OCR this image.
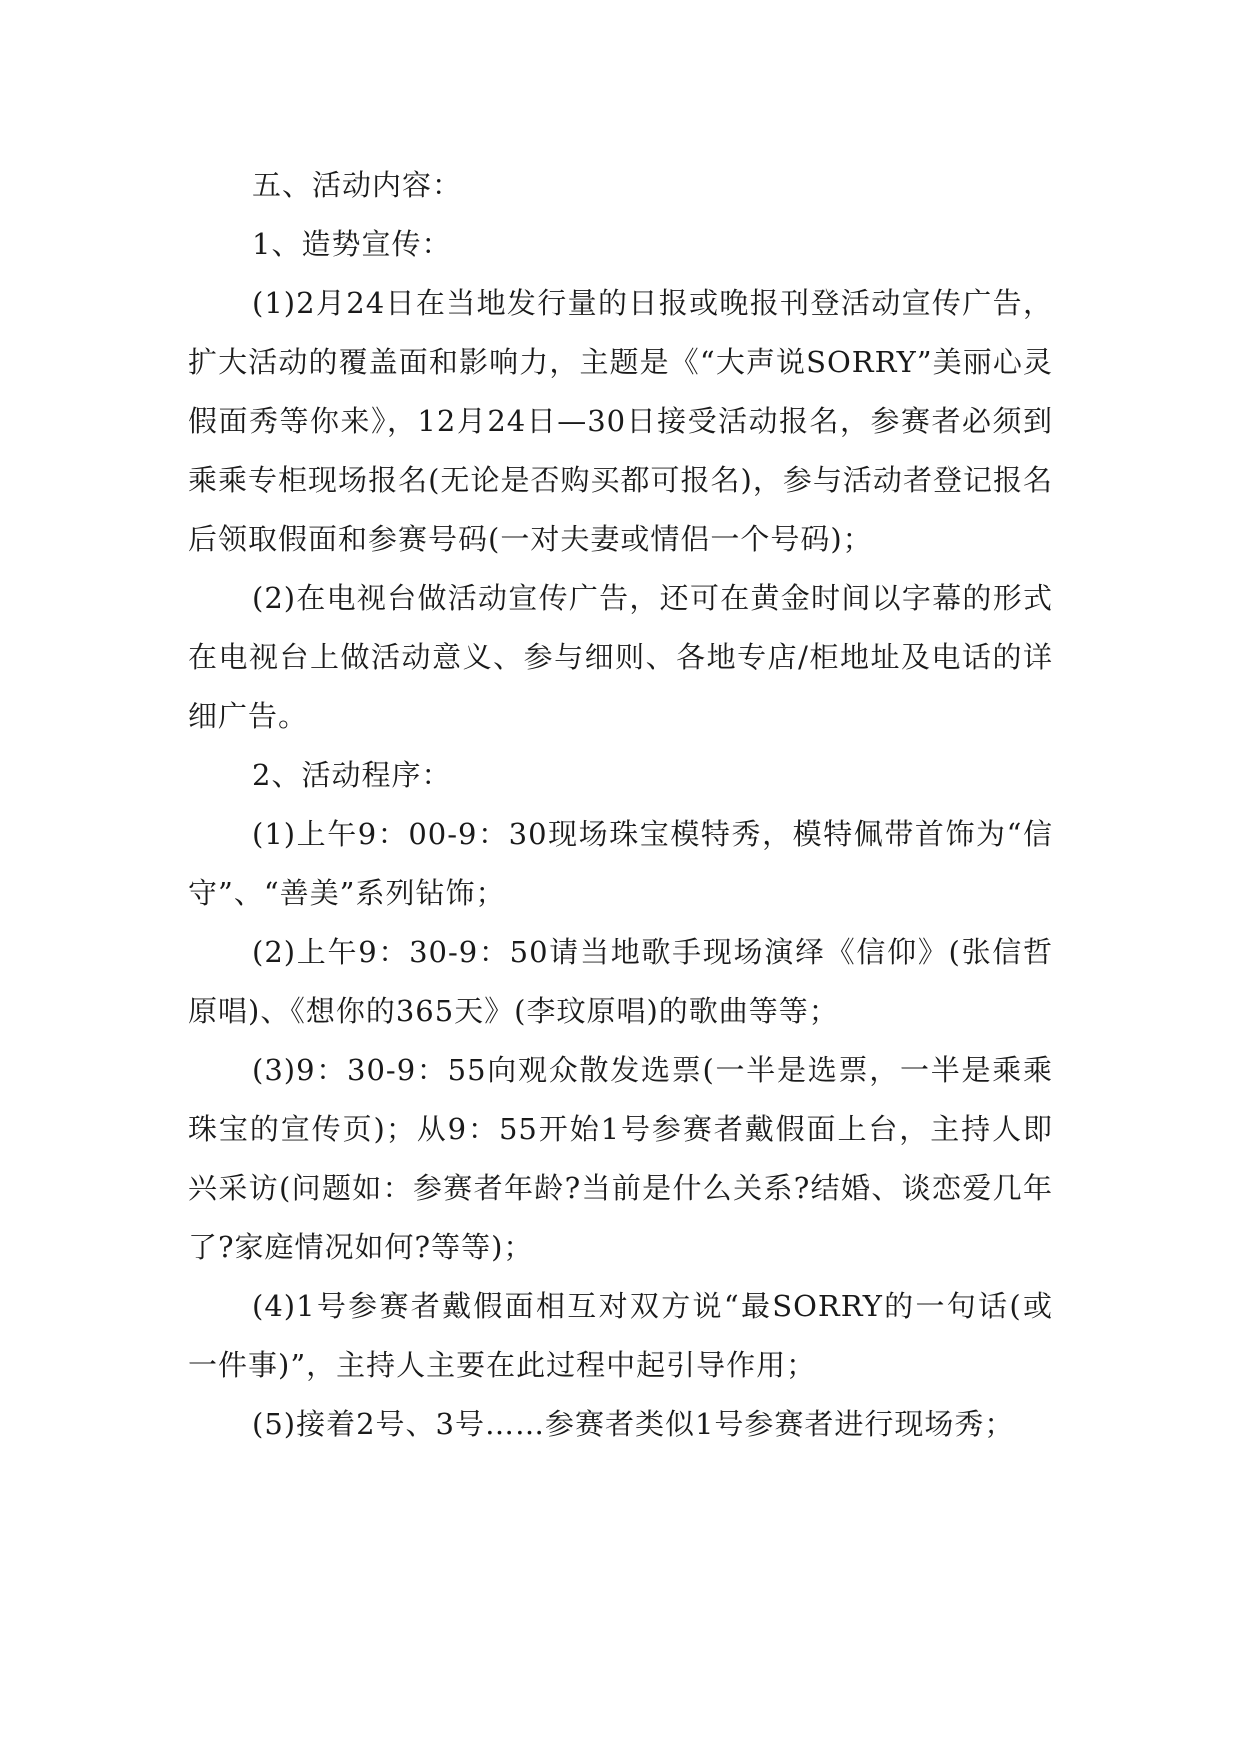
五、活动内容：

1、造势宣传：

(1)2月24日在当地发行量的日报或晚报刊登活动宣传广告，扩大活动的覆盖面和影响力，主题是《“大声说SORRY”美丽心灵假面秀等你来》，12月24日—30日接受活动报名，参赛者必须到乘乘专柜现场报名(无论是否购买都可报名)，参与活动者登记报名后领取假面和参赛号码(一对夫妻或情侣一个号码)；

(2)在电视台做活动宣传广告，还可在黄金时间以字幕的形式在电视台上做活动意义、参与细则、各地专店/柜地址及电话的详细广告。

2、活动程序：

(1)上午9：00-9：30现场珠宝模特秀，模特佩带首饰为“信守”、“善美”系列钻饰；

(2)上午9：30-9：50请当地歌手现场演绎《信仰》(张信哲原唱)、《想你的365天》(李玟原唱)的歌曲等等；

(3)9：30-9：55向观众散发选票(一半是选票，一半是乘乘珠宝的宣传页)；从9：55开始1号参赛者戴假面上台，主持人即兴采访(问题如：参赛者年龄?当前是什么关系?结婚、谈恋爱几年了?家庭情况如何?等等)；

(4)1号参赛者戴假面相互对双方说“最SORRY的一句话(或一件事)”，主持人主要在此过程中起引导作用；

(5)接着2号、3号……参赛者类似1号参赛者进行现场秀；
